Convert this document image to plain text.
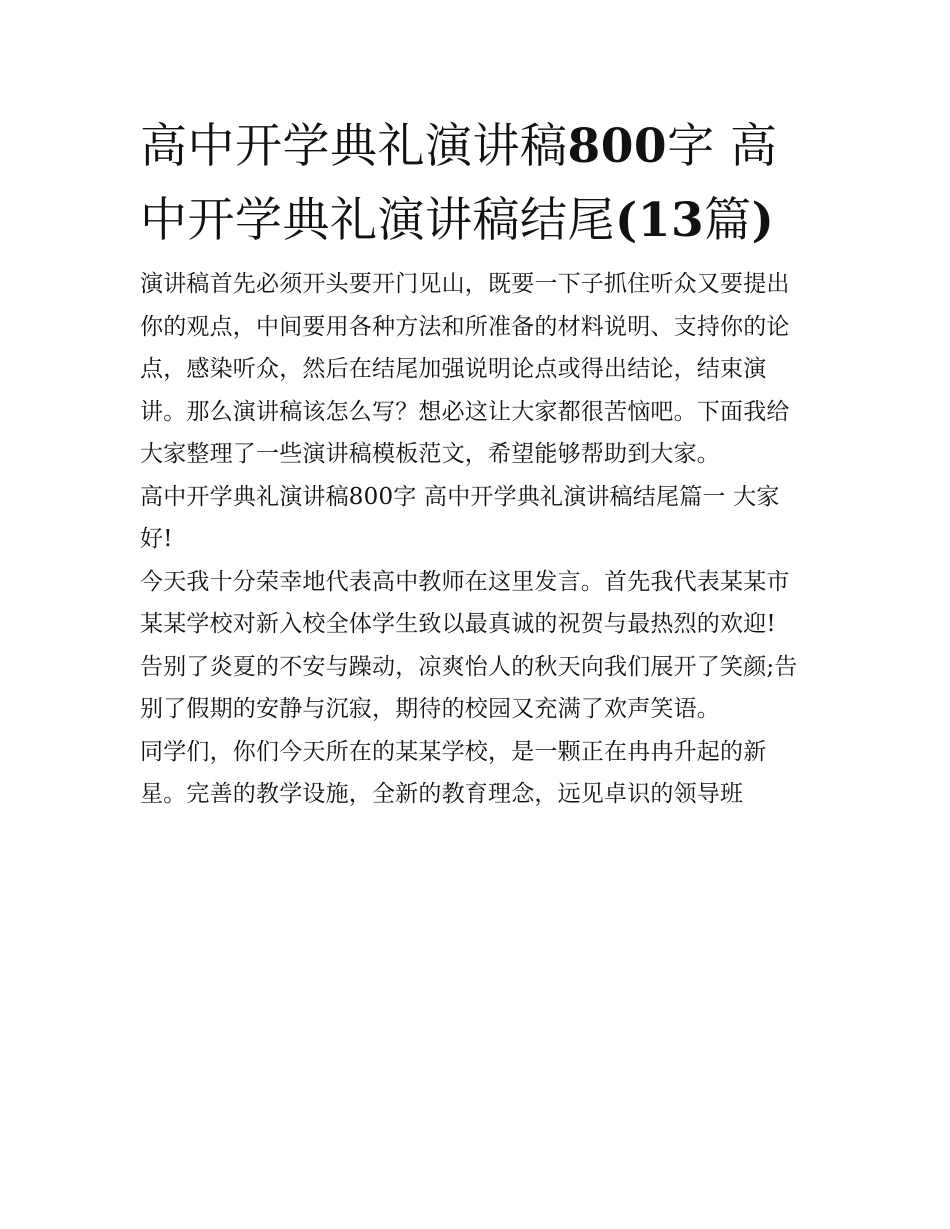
高中开学典礼演讲稿800字 高
中开学典礼演讲稿结尾(13篇)

演讲稿首先必须开头要开门见山，既要一下子抓住听众又要提出你的观点，中间要用各种方法和所准备的材料说明、支持你的论点，感染听众，然后在结尾加强说明论点或得出结论，结束演讲。那么演讲稿该怎么写？想必这让大家都很苦恼吧。下面我给大家整理了一些演讲稿模板范文，希望能够帮助到大家。

高中开学典礼演讲稿800字 高中开学典礼演讲稿结尾篇一 大家好!

今天我十分荣幸地代表高中教师在这里发言。首先我代表某某市某某学校对新入校全体学生致以最真诚的祝贺与最热烈的欢迎!

告别了炎夏的不安与躁动，凉爽怡人的秋天向我们展开了笑颜;告别了假期的安静与沉寂，期待的校园又充满了欢声笑语。

同学们，你们今天所在的某某学校，是一颗正在冉冉升起的新星。完善的教学设施，全新的教育理念，远见卓识的领导班
